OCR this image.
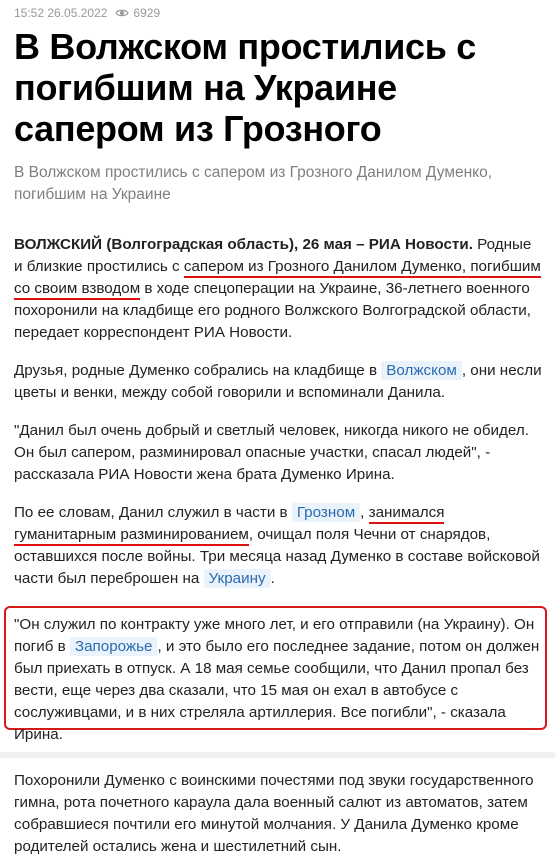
15:52 26.05.2022 6929
В Волжском простились с погибшим на Украине сапером из Грозного

В Волжском простились с сапером из Грозного Данилом Думенко, погибшим на Украине

ВОЛЖСКИЙ (Волгоградская область), 26 мая – РИА Новости. Родные и близкие простились с сапером из Грозного Данилом Думенко, погибшим со своим взводом в ходе спецоперации на Украине, 36-летнего военного похоронили на кладбище его родного Волжского Волгоградской области, передает корреспондент РИА Новости.

Друзья, родные Думенко собрались на кладбище в Волжском , они несли цветы и венки, между собой говорили и вспоминали Данила.

"Данил был очень добрый и светлый человек, никогда никого не обидел. Он был сапером, разминировал опасные участки, спасал людей", - рассказала РИА Новости жена брата Думенко Ирина.

По ее словам, Данил служил в части в Грозном , занимался гуманитарным разминированием, очищал поля Чечни от снарядов, оставшихся после войны. Три месяца назад Думенко в составе войсковой части был переброшен на Украину .

"Он служил по контракту уже много лет, и его отправили (на Украину). Он погиб в Запорожье , и это было его последнее задание, потом он должен был приехать в отпуск. А 18 мая семье сообщили, что Данил пропал без вести, еще через два сказали, что 15 мая он ехал в автобусе с сослуживцами, и в них стреляла артиллерия. Все погибли", - сказала Ирина.

Похоронили Думенко с воинскими почестями под звуки государственного гимна, рота почетного караула дала военный салют из автоматов, затем собравшиеся почтили его минутой молчания. У Данила Думенко кроме родителей остались жена и шестилетний сын.
